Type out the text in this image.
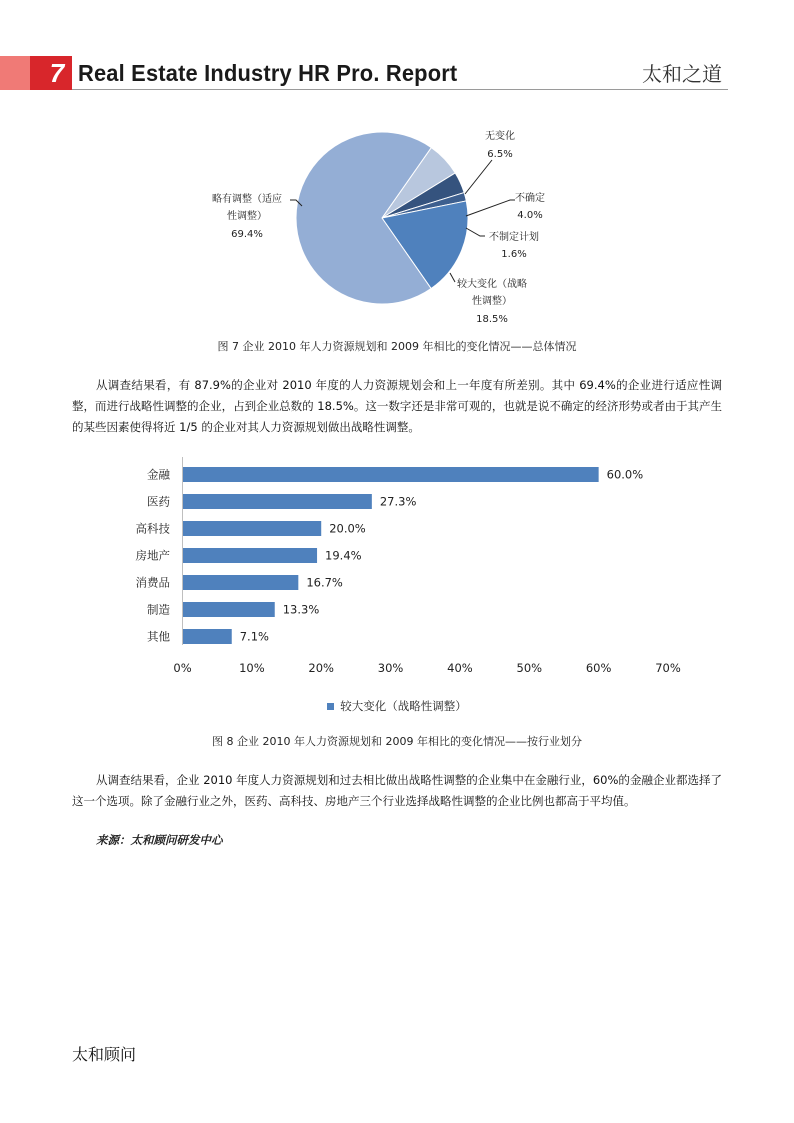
7 Real Estate Industry HR Pro. Report	太和之道
无变化
6.5%
不确定
4.0%
不制定计划
1.6%
较大变化（战略
性调整）
18.5%
略有调整（适应
性调整）
69.4%
图 7 企业 2010 年人力资源规划和 2009 年相比的变化情况——总体情况
从调查结果看，有 87.9%的企业对 2010 年度的人力资源规划会和上一年度有所差别。其中 69.4%的企业进行适应性调整，而进行战略性调整的企业，占到企业总数的 18.5%。这一数字还是非常可观的，也就是说不确定的经济形势或者由于其产生的某些因素使得将近 1/5 的企业对其人力资源规划做出战略性调整。
金融	60.0%
医药	27.3%
高科技	20.0%
房地产	19.4%
消费品	16.7%
制造	13.3%
其他	7.1%
0%	10%	20%	30%	40%	50%	60%	70%
较大变化（战略性调整）
图 8 企业 2010 年人力资源规划和 2009 年相比的变化情况——按行业划分
从调查结果看，企业 2010 年度人力资源规划和过去相比做出战略性调整的企业集中在金融行业，60%的金融企业都选择了这一个选项。除了金融行业之外，医药、高科技、房地产三个行业选择战略性调整的企业比例也都高于平均值。
来源：太和顾问研发中心
太和顾问
